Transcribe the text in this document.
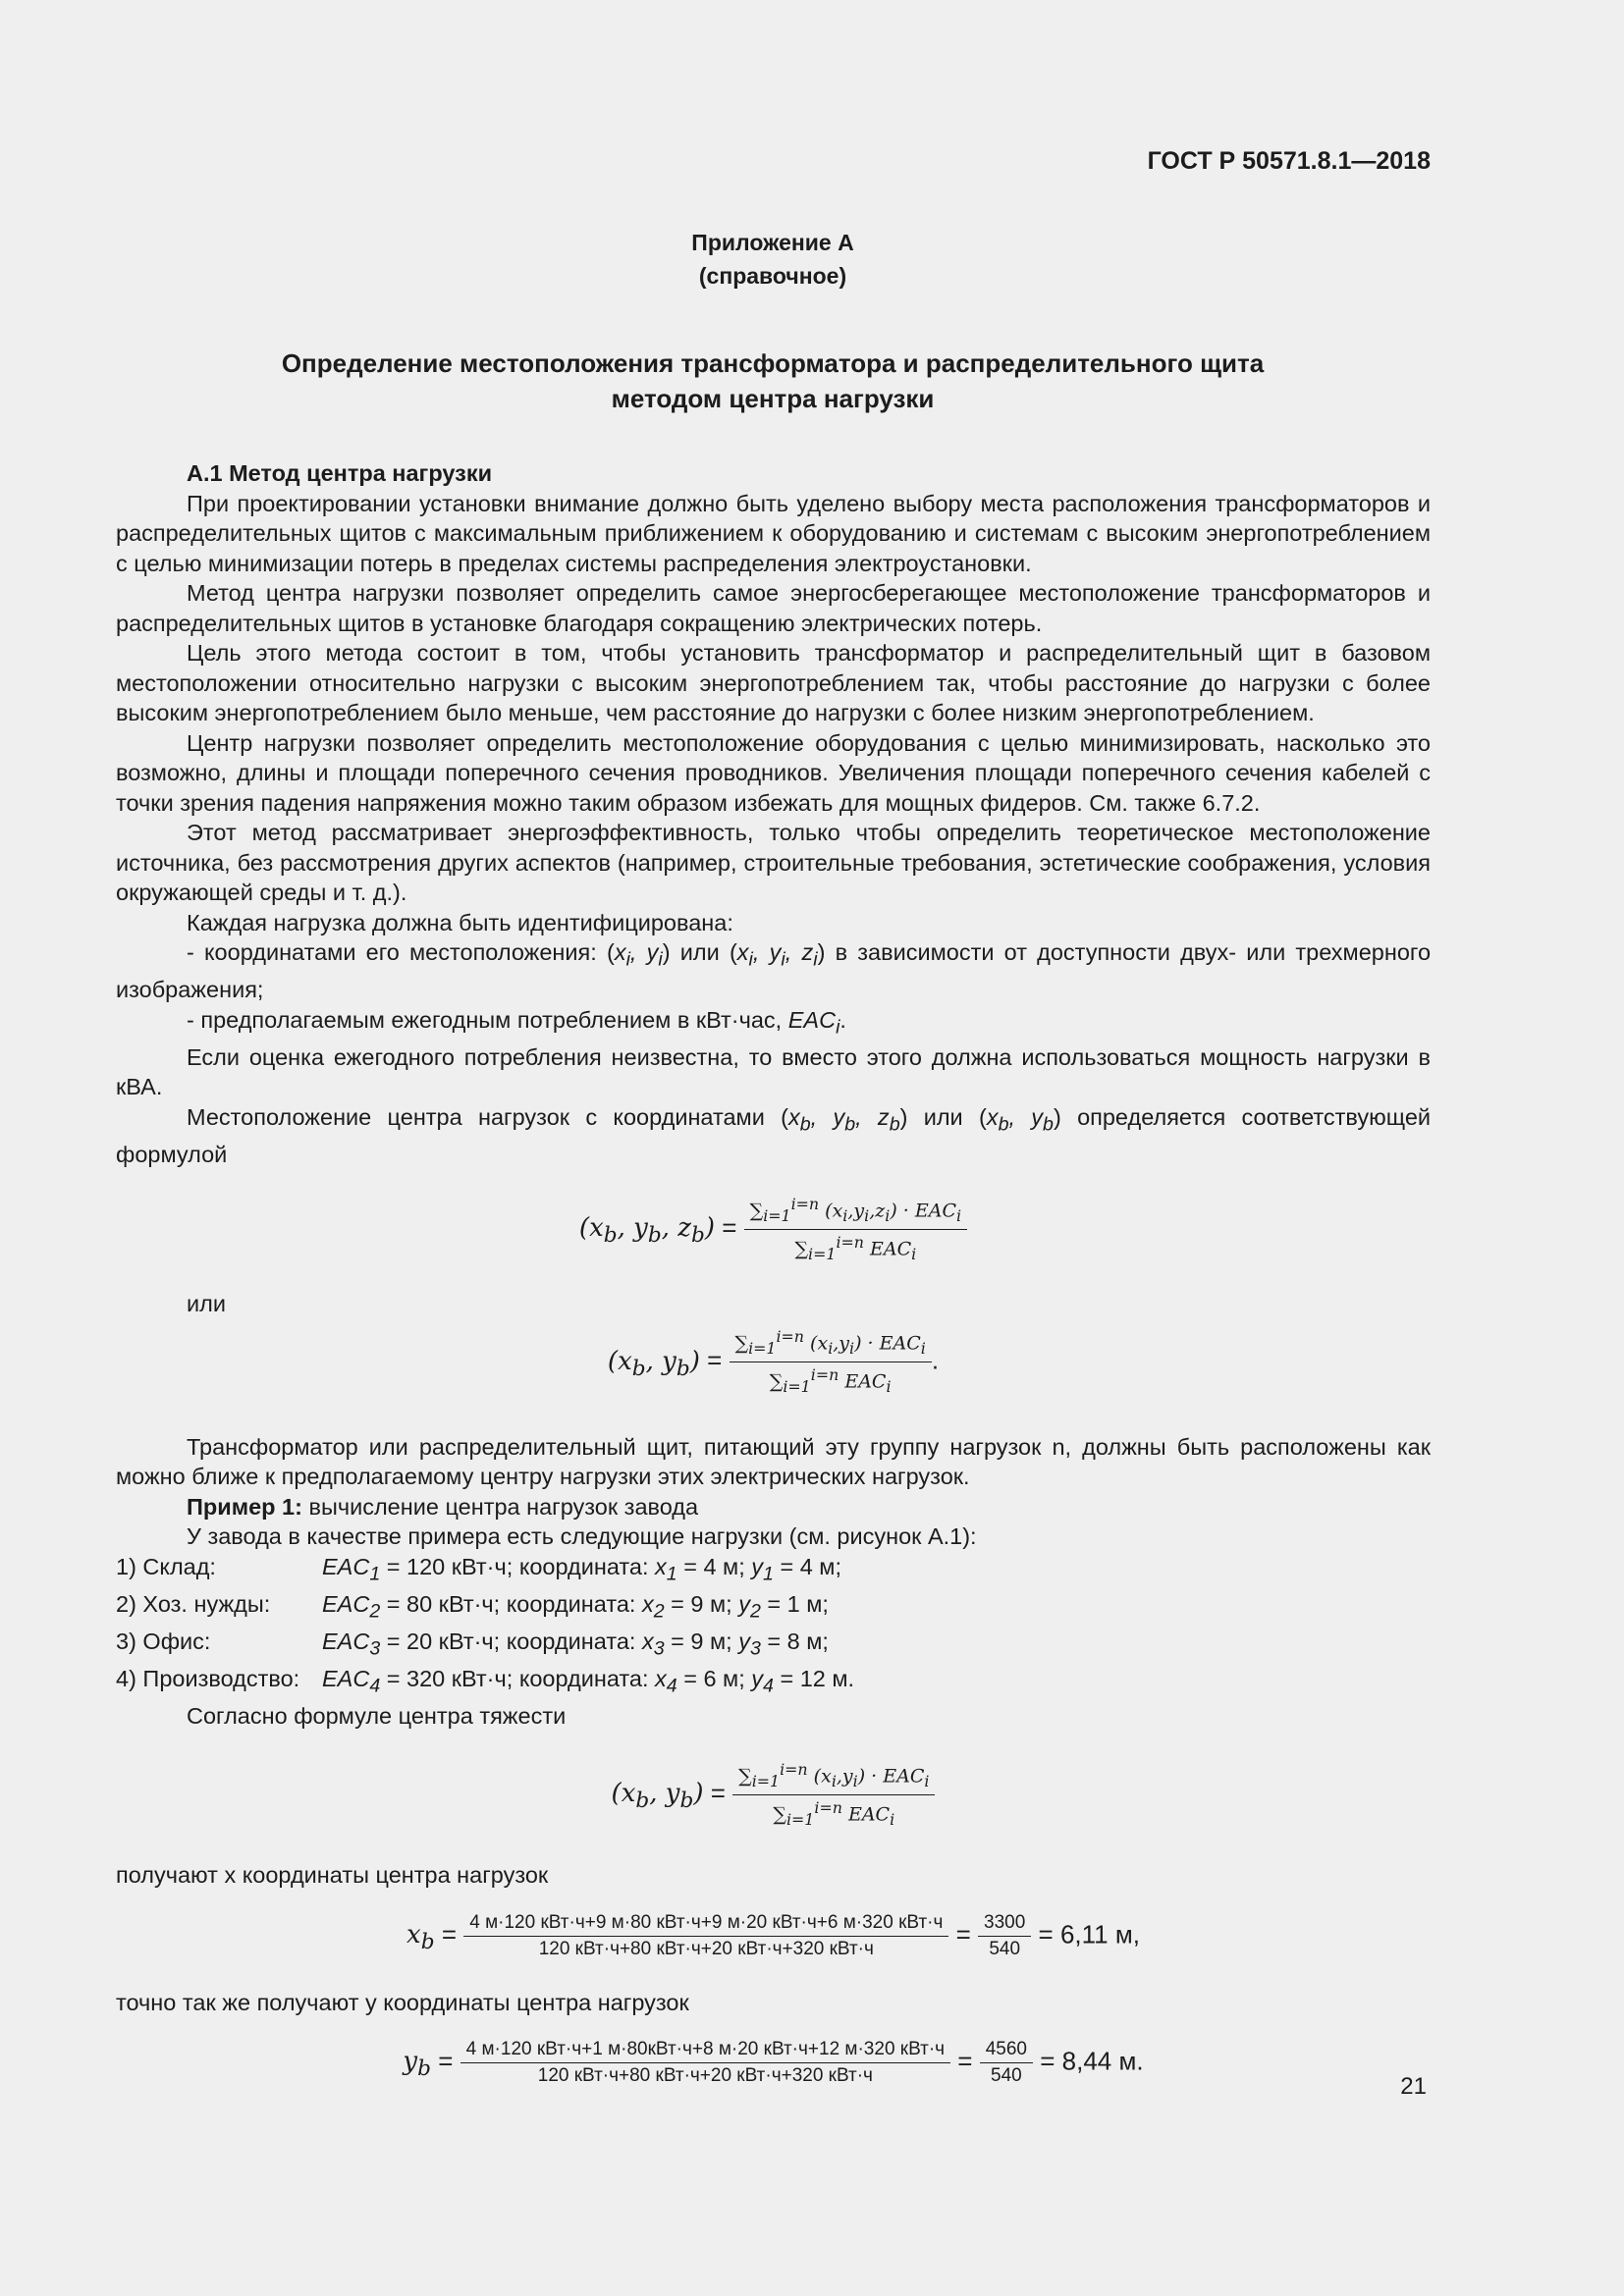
ГОСТ Р 50571.8.1—2018
Приложение А
(справочное)
Определение местоположения трансформатора и распределительного щита
методом центра нагрузки

А.1 Метод центра нагрузки

При проектировании установки внимание должно быть уделено выбору места расположения трансформаторов и распределительных щитов с максимальным приближением к оборудованию и системам с высоким энергопотреблением с целью минимизации потерь в пределах системы распределения электроустановки.

Метод центра нагрузки позволяет определить самое энергосберегающее местоположение трансформаторов и распределительных щитов в установке благодаря сокращению электрических потерь.

Цель этого метода состоит в том, чтобы установить трансформатор и распределительный щит в базовом местоположении относительно нагрузки с высоким энергопотреблением так, чтобы расстояние до нагрузки с более высоким энергопотреблением было меньше, чем расстояние до нагрузки с более низким энергопотреблением.

Центр нагрузки позволяет определить местоположение оборудования с целью минимизировать, насколько это возможно, длины и площади поперечного сечения проводников. Увеличения площади поперечного сечения кабелей с точки зрения падения напряжения можно таким образом избежать для мощных фидеров. См. также 6.7.2.

Этот метод рассматривает энергоэффективность, только чтобы определить теоретическое местоположение источника, без рассмотрения других аспектов (например, строительные требования, эстетические соображения, условия окружающей среды и т. д.).

Каждая нагрузка должна быть идентифицирована:

- координатами его местоположения: ($x_i$, $y_i$) или ($x_i$, $y_i$, $z_i$) в зависимости от доступности двух- или трехмерного изображения;

- предполагаемым ежегодным потреблением в кВт·час, $EAC_i$.

Если оценка ежегодного потребления неизвестна, то вместо этого должна использоваться мощность нагрузки в кВА.

Местоположение центра нагрузок с координатами ($x_b$, $y_b$, $z_b$) или ($x_b$, $y_b$) определяется соответствующей формулой

($x_b$, $y_b$, $z_b) = \frac{\sum_{i=1}^{i=n} (x_i,y_i,z_i) \cdot EAC_i}{\sum_{i=1}^{i=n} EAC_i}$

или

($x_b$, $y_b) = \frac{\sum_{i=1}^{i=n} (x_i,y_i) \cdot EAC_i}{\sum_{i=1}^{i=n} EAC_i}$ .

Трансформатор или распределительный щит, питающий эту группу нагрузок n, должны быть расположены как можно ближе к предполагаемому центру нагрузки этих электрических нагрузок.

Пример 1: вычисление центра нагрузок завода

У завода в качестве примера есть следующие нагрузки (см. рисунок А.1):

1) Склад:	$EAC_1 = 120$ кВт·ч; координата: $x_1 = 4$ м; $y_1 = 4$ м;
2) Хоз. нужды: $EAC_2 = 80$ кВт·ч; координата: $x_2 = 9$ м; $y_2 = 1$ м;
3) Офис:	$EAC_3 = 20$ кВт·ч; координата: $x_3 = 9$ м; $y_3 = 8$ м;
4) Производство: $EAC_4 = 320$ кВт·ч; координата: $x_4 = 6$ м; $y_4 = 12$ м.

Согласно формуле центра тяжести

($x_b$, $y_b) = \frac{\sum_{i=1}^{i=n} (x_i,y_i) \cdot EAC_i}{\sum_{i=1}^{i=n} EAC_i}$

получают x координаты центра нагрузок

$x_b = \frac{\text{4 м·120 кВт·ч+9 м·80 кВт·ч+9 м·20 кВт·ч+6 м·320 кВт·ч}}{\text{120 кВт·ч+80 кВт·ч+20 кВт·ч+320 кВт·ч}} = \frac{3300}{540} = 6,11$ м,

точно так же получают y координаты центра нагрузок

$y_b = \frac{\text{4 м·120 кВт·ч+1 м·80кВт·ч+8 м·20 кВт·ч+12 м·320 кВт·ч}}{\text{120 кВт·ч+80 кВт·ч+20 кВт·ч+320 кВт·ч}} = \frac{4560}{540} = 8,44$ м.
21
